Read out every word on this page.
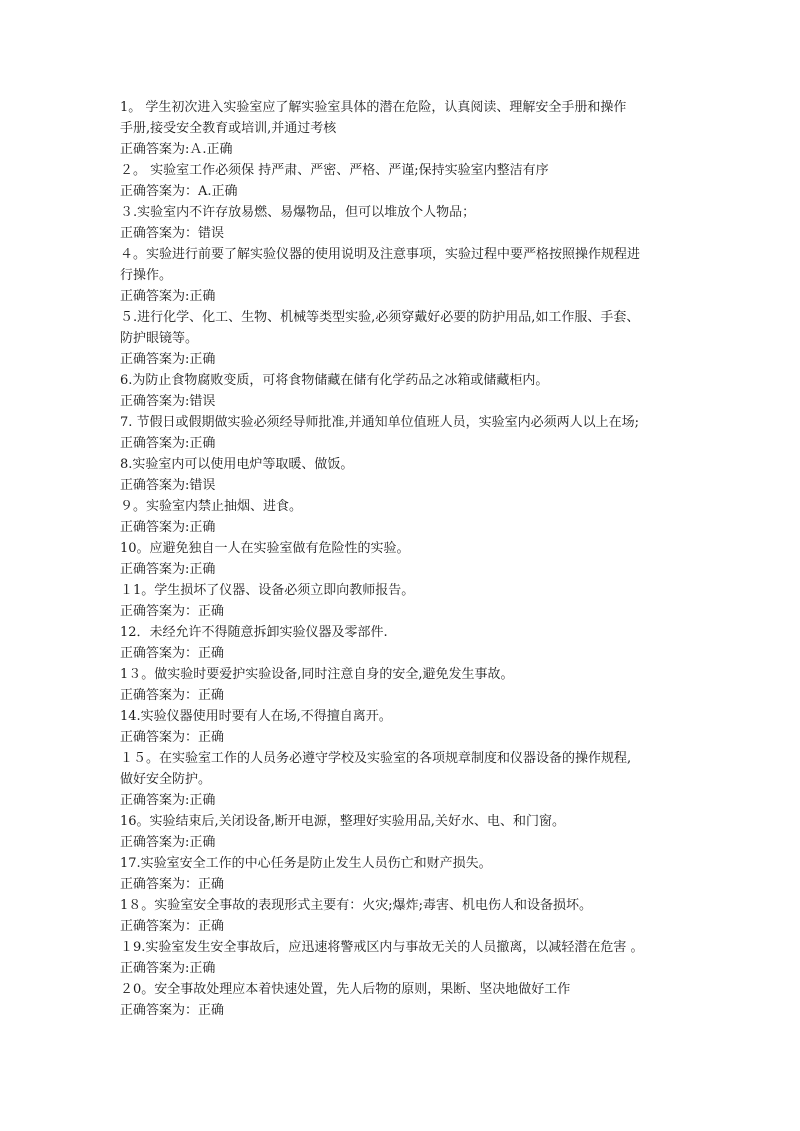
1。 学生初次进入实验室应了解实验室具体的潜在危险，认真阅读、理解安全手册和操作
手册,接受安全教育或培训,并通过考核
正确答案为:Ａ.正确
２。 实验室工作必须保 持严肃、严密、严格、严谨;保持实验室内整洁有序
正确答案为：A.正确
３.实验室内不许存放易燃、易爆物品，但可以堆放个人物品；
正确答案为：错误
４。实验进行前要了解实验仪器的使用说明及注意事项，实验过程中要严格按照操作规程进
行操作。
正确答案为:正确
５.进行化学、化工、生物、机械等类型实验,必须穿戴好必要的防护用品,如工作服、手套、
防护眼镜等。
正确答案为:正确
6.为防止食物腐败变质，可将食物储藏在储有化学药品之冰箱或储藏柜内。
正确答案为:错误
7. 节假日或假期做实验必须经导师批准,并通知单位值班人员，实验室内必须两人以上在场;
正确答案为:正确
8.实验室内可以使用电炉等取暖、做饭。
正确答案为:错误
９。实验室内禁止抽烟、进食。
正确答案为:正确
10。应避免独自一人在实验室做有危险性的实验。
正确答案为:正确
１1。学生损坏了仪器、设备必须立即向教师报告。
正确答案为：正确
12．未经允许不得随意拆卸实验仪器及零部件.
正确答案为：正确
1３。做实验时要爱护实验设备,同时注意自身的安全,避免发生事故。
正确答案为：正确
14.实验仪器使用时要有人在场,不得擅自离开。
正确答案为：正确
１５。在实验室工作的人员务必遵守学校及实验室的各项规章制度和仪器设备的操作规程,
做好安全防护。
正确答案为:正确
16。实验结束后,关闭设备,断开电源，整理好实验用品,关好水、电、和门窗。
正确答案为:正确
17.实验室安全工作的中心任务是防止发生人员伤亡和财产损失。
正确答案为：正确
1８。实验室安全事故的表现形式主要有：火灾;爆炸;毒害、机电伤人和设备损坏。
正确答案为：正确
１9.实验室发生安全事故后，应迅速将警戒区内与事故无关的人员撤离，以减轻潜在危害 。
正确答案为:正确
２0。安全事故处理应本着快速处置，先人后物的原则，果断、坚决地做好工作
正确答案为：正确
